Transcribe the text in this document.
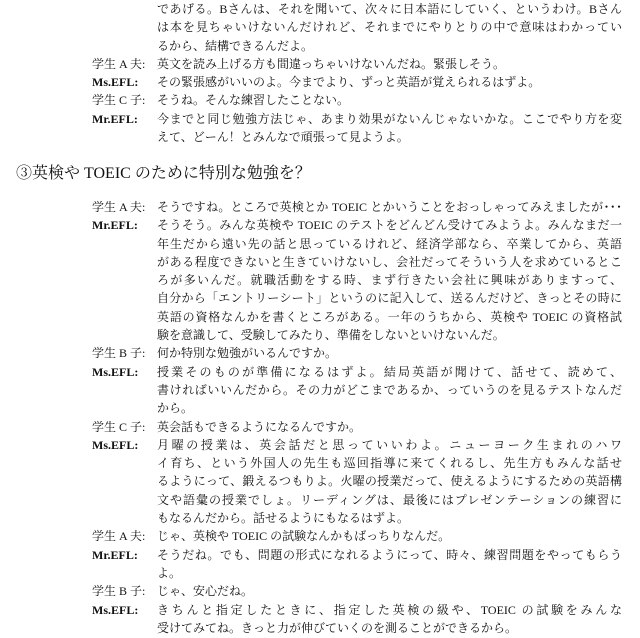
であげる。Bさんは、それを聞いて、次々に日本語にしていく、というわけ。Bさん
は本を見ちゃいけないんだけれど、それまでにやりとりの中で意味はわかってい
るから、結構できるんだよ。
学生 A 夫: 英文を読み上げる方も間違っちゃいけないんだね。緊張しそう。
Ms.EFL:	その緊張感がいいのよ。今までより、ずっと英語が覚えられるはずよ。
学生 C 子: そうね。そんな練習したことない。
Mr.EFL:	今までと同じ勉強方法じゃ、あまり効果がないんじゃないかな。ここでやり方を変
えて、どーん！とみんなで頑張って見ようよ。
③英検や TOEIC のために特別な勉強を？
学生 A 夫: そうですね。ところで英検とか TOEIC とかいうことをおっしゃってみえましたが･･･
Mr.EFL:	そうそう。みんな英検や TOEIC のテストをどんどん受けてみようよ。みんなまだ一
年生だから遠い先の話と思っているけれど、経済学部なら、卒業してから、英語
がある程度できないと生きていけないし、会社だってそういう人を求めているとこ
ろが多いんだ。就職活動をする時、まず行きたい会社に興味がありますって、
自分から「エントリーシート」というのに記入して、送るんだけど、きっとその時に
英語の資格なんかを書くところがある。一年のうちから、英検や TOEIC の資格試
験を意識して、受験してみたり、準備をしないといけないんだ。
学生 B 子: 何か特別な勉強がいるんですか。
Ms.EFL:	授業そのものが準備になるはずよ。結局英語が聞けて、話せて、読めて、
書ければいいんだから。その力がどこまであるか、っていうのを見るテストなんだ
から。
学生 C 子: 英会話もできるようになるんですか。
Ms.EFL:	月曜の授業は、英会話だと思っていいわよ。ニューヨーク生まれのハワ
イ育ち、という外国人の先生も巡回指導に来てくれるし、先生方もみんな話せ
るようにって、鍛えるつもりよ。火曜の授業だって、使えるようにするための英語構
文や語彙の授業でしょ。リーディングは、最後にはプレゼンテーションの練習に
もなるんだから。話せるようにもなるはずよ。
学生 A 夫: じゃ、英検や TOEIC の試験なんかもばっちりなんだ。
Mr.EFL:	そうだね。でも、問題の形式になれるようにって、時々、練習問題をやってもらう
よ。
学生 B 子: じゃ、安心だね。
Ms.EFL:	きちんと指定したときに、指定した英検の級や、TOEIC の試験をみんな
受けてみてね。きっと力が伸びていくのを測ることができるから。
